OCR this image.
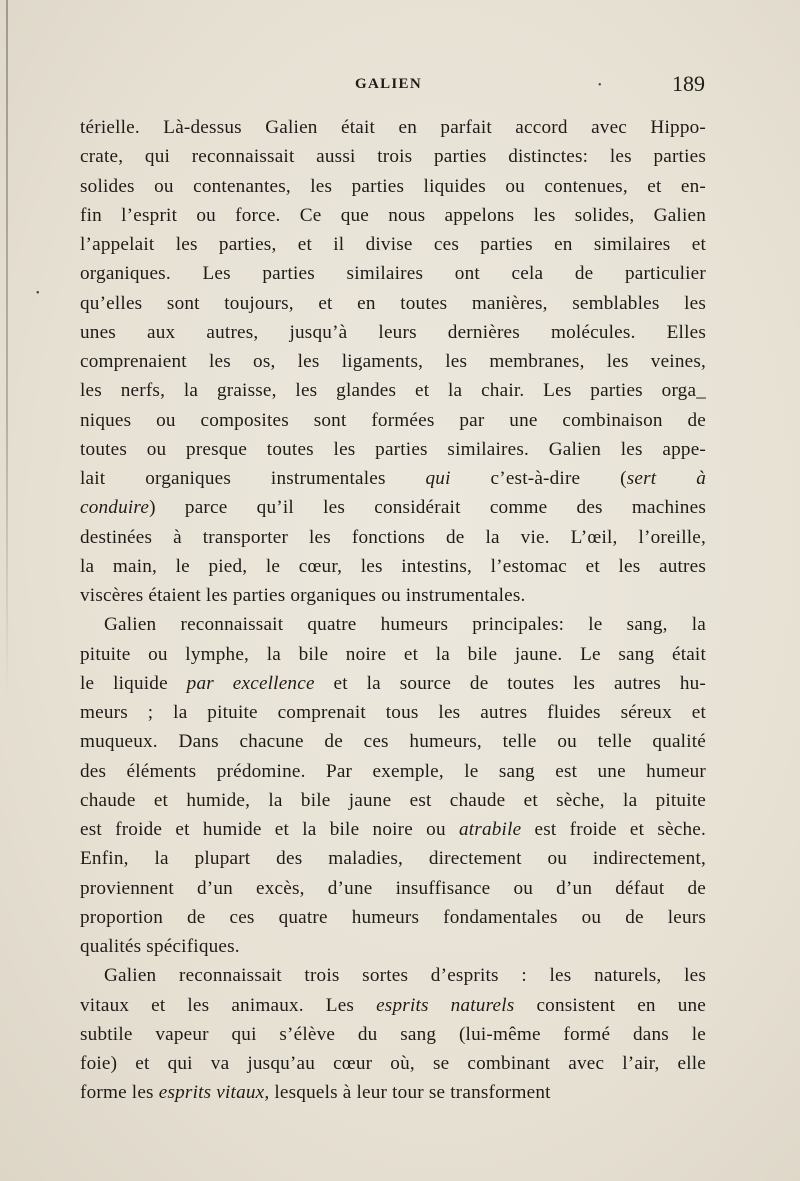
GALIEN	•	189
•
térielle. Là-dessus Galien était en parfait accord avec Hippo-
crate, qui reconnaissait aussi trois parties distinctes: les parties
solides ou contenantes, les parties liquides ou contenues, et en-
fin l’esprit ou force. Ce que nous appelons les solides, Galien
l’appelait les parties, et il divise ces parties en similaires et
organiques. Les parties similaires ont cela de particulier
qu’elles sont toujours, et en toutes manières, semblables les
unes aux autres, jusqu’à leurs dernières molécules. Elles
comprenaient les os, les ligaments, les membranes, les veines,
les nerfs, la graisse, les glandes et la chair. Les parties orga_
niques ou composites sont formées par une combinaison de
toutes ou presque toutes les parties similaires. Galien les appe-
lait organiques instrumentales qui c’est-à-dire (sert à
conduire) parce qu’il les considérait comme des machines
destinées à transporter les fonctions de la vie. L’œil, l’oreille,
la main, le pied, le cœur, les intestins, l’estomac et les autres
viscères étaient les parties organiques ou instrumentales.
Galien reconnaissait quatre humeurs principales: le sang, la
pituite ou lymphe, la bile noire et la bile jaune. Le sang était
le liquide par excellence et la source de toutes les autres hu-
meurs ; la pituite comprenait tous les autres fluides séreux et
muqueux. Dans chacune de ces humeurs, telle ou telle qualité
des éléments prédomine. Par exemple, le sang est une humeur
chaude et humide, la bile jaune est chaude et sèche, la pituite
est froide et humide et la bile noire ou atrabile est froide et sèche.
Enfin, la plupart des maladies, directement ou indirectement,
proviennent d’un excès, d’une insuffisance ou d’un défaut de
proportion de ces quatre humeurs fondamentales ou de leurs
qualités spécifiques.
Galien reconnaissait trois sortes d’esprits : les naturels, les
vitaux et les animaux. Les esprits naturels consistent en une
subtile vapeur qui s’élève du sang (lui-même formé dans le
foie) et qui va jusqu’au cœur où, se combinant avec l’air, elle
forme les esprits vitaux, lesquels à leur tour se transforment
